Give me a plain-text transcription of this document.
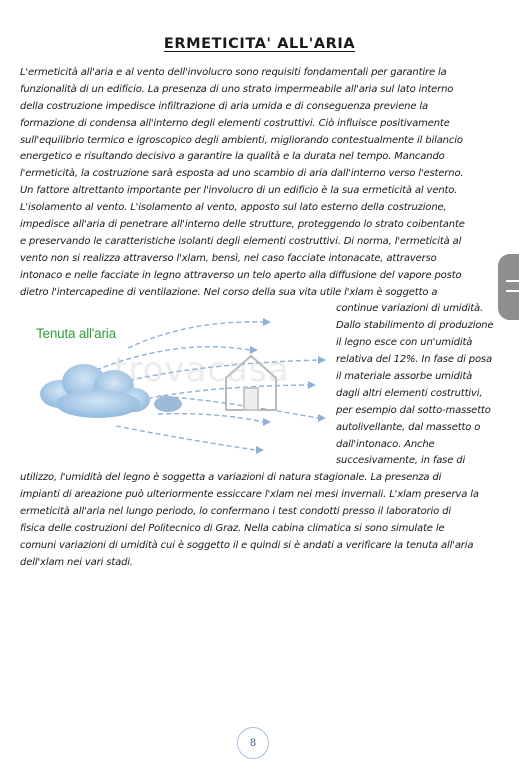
ERMETICITA' ALL'ARIA
L'ermeticità all'aria e al vento dell'involucro sono requisiti fondamentali per garantire la
funzionalità di un edificio. La presenza di uno strato impermeabile all'aria sul lato interno
della costruzione impedisce infiltrazione di aria umida e di conseguenza previene la
formazione di condensa all'interno degli elementi costruttivi. Ciò influisce positivamente
sull'equilibrio termico e igroscopico degli ambienti, migliorando contestualmente il bilancio
energetico e risultando decisivo a garantire la qualità e la durata nel tempo. Mancando
l'ermeticità, la costruzione sarà esposta ad uno scambio di aria dall'interno verso l'esterno.
Un fattore altrettanto importante per l'involucro di un edificio è la sua ermeticità al vento.
L'isolamento al vento. L'isolamento al vento, apposto sul lato esterno della costruzione,
impedisce all'aria di penetrare all'interno delle strutture, proteggendo lo strato coibentante
e preservando le caratteristiche isolanti degli elementi costruttivi. Di norma, l'ermeticità al
vento non si realizza attraverso l'xlam, bensì, nel caso facciate intonacate, attraverso
intonaco e nelle facciate in legno attraverso un telo aperto alla diffusione del vapore posto
dietro l'intercapedine di ventilazione. Nel corso della sua vita utile l'xlam è soggetto a
continue variazioni di umidità.
Dallo stabilimento di produzione
il legno esce con un'umidità
relativa del 12%. In fase di posa
il materiale assorbe umidità
dagli altri elementi costruttivi,
per esempio dal sotto-massetto
autolivellante, dal massetto o
dall'intonaco. Anche
succesivamente, in fase di
utilizzo, l'umidità del legno è soggetta a variazioni di natura stagionale. La presenza di
impianti di areazione può ulteriormente essiccare l'xlam nei mesi invernali. L'xlam preserva la
ermeticità all'aria nel lungo periodo, lo confermano i test condotti presso il laboratorio di
fisica delle costruzioni del Politecnico di Graz. Nella cabina climatica si sono simulate le
comuni variazioni di umidità cui è soggetto il e quindi si è andati a verificare la tenuta all'aria
dell'xlam nei vari stadi.
Tenuta all'aria
trovacasa
8
